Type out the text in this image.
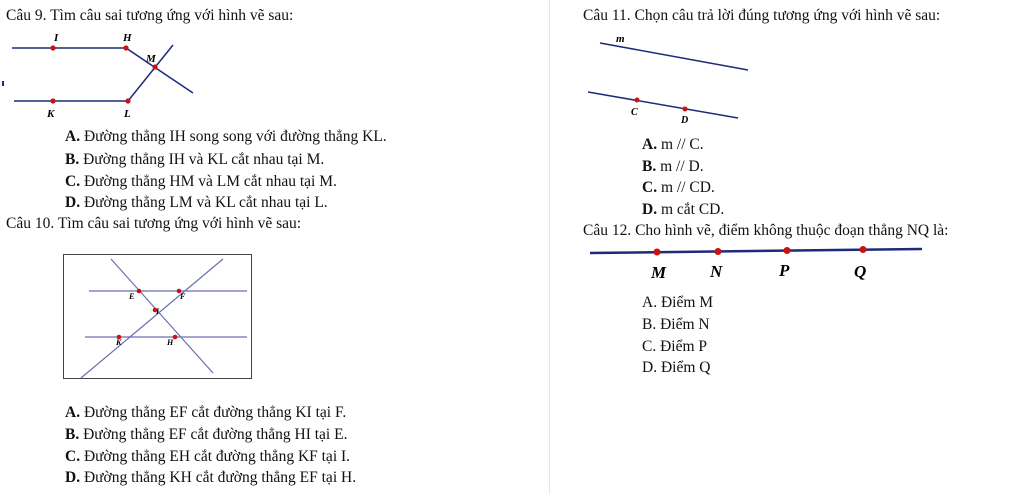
Câu 9. Tìm câu sai tương ứng với hình vẽ sau:
I	H
M
K	L
A. Đường thẳng IH song song với đường thẳng KL.
B. Đường thẳng IH và KL cắt nhau tại M.
C. Đường thẳng HM và LM cắt nhau tại M.
D. Đường thẳng LM và KL cắt nhau tại L.
Câu 10. Tìm câu sai tương ứng với hình vẽ sau:
E	F
I
K	H
A. Đường thẳng EF cắt đường thẳng KI tại F.
B. Đường thẳng EF cắt đường thẳng HI tại E.
C. Đường thẳng EH cắt đường thẳng KF tại I.
D. Đường thẳng KH cắt đường thẳng EF tại H.
Câu 11. Chọn câu trả lời đúng tương ứng với hình vẽ sau:
m
C
D
A. m // C.
B. m // D.
C. m // CD.
D. m cắt CD.
Câu 12. Cho hình vẽ, điểm không thuộc đoạn thẳng NQ là:
M	N	P	Q
A. Điểm M
B. Điểm N
C. Điểm P
D. Điểm Q
